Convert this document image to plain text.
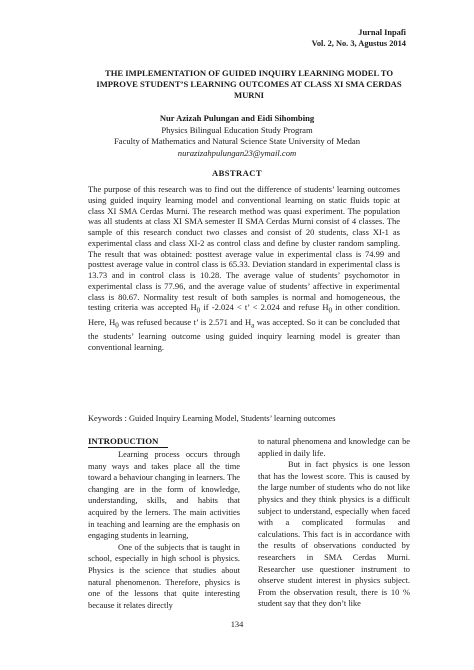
Jurnal Inpafi
Vol. 2, No. 3, Agustus 2014
THE IMPLEMENTATION OF GUIDED INQUIRY LEARNING MODEL TO IMPROVE STUDENT’S LEARNING OUTCOMES AT CLASS XI SMA CERDAS MURNI
Nur Azizah Pulungan and Eidi Sihombing
Physics Bilingual Education Study Program
Faculty of Mathematics and Natural Science State University of Medan
nurazizahpulungan23@ymail.com
ABSTRACT
The purpose of this research was to find out the difference of students’ learning outcomes using guided inquiry learning model and conventional learning on static fluids topic at class XI SMA Cerdas Murni. The research method was quasi experiment. The population was all students at class XI SMA semester II SMA Cerdas Murni consist of 4 classes. The sample of this research conduct two classes and consist of 20 students, class XI-1 as experimental class and class XI-2 as control class and define by cluster random sampling. The result that was obtained: posttest average value in experimental class is 74.99 and posttest average value in control class is 65.33. Deviation standard in experimental class is 13.73 and in control class is 10.28. The average value of students’ psychomotor in experimental class is 77.96, and the average value of students’ affective in experimental class is 80.67. Normality test result of both samples is normal and homogeneous, the testing criteria was accepted $H_0$ if -2.024 < t’ < 2.024 and refuse $H_0$ in other condition. Here, $H_0$ was refused because t’ is 2.571 and $H_a$ was accepted. So it can be concluded that the students’ learning outcome using guided inquiry learning model is greater than conventional learning.
Keywords : Guided Inquiry Learning Model, Students’ learning outcomes
INTRODUCTION

Learning process occurs through many ways and takes place all the time toward a behaviour changing in learners. The changing are in the form of knowledge, understanding, skills, and habits that acquired by the lerners. The main activities in teaching and learning are the emphasis on engaging students in learning,

One of the subjects that is taught in school, especially in high school is physics. Physics is the science that studies about natural phenomenon. Therefore, physics is one of the lessons that quite interesting because it relates directly

to natural phenomena and knowledge can be applied in daily life.

But in fact physics is one lesson that has the lowest score. This is caused by the large number of students who do not like physics and they think physics is a difficult subject to understand, especially when faced with a complicated formulas and calculations. This fact is in accordance with the results of observations conducted by researchers in SMA Cerdas Murni. Researcher use questioner instrument to observe student interest in physics subject. From the observation result, there is 10 % student say that they don’t like

134
